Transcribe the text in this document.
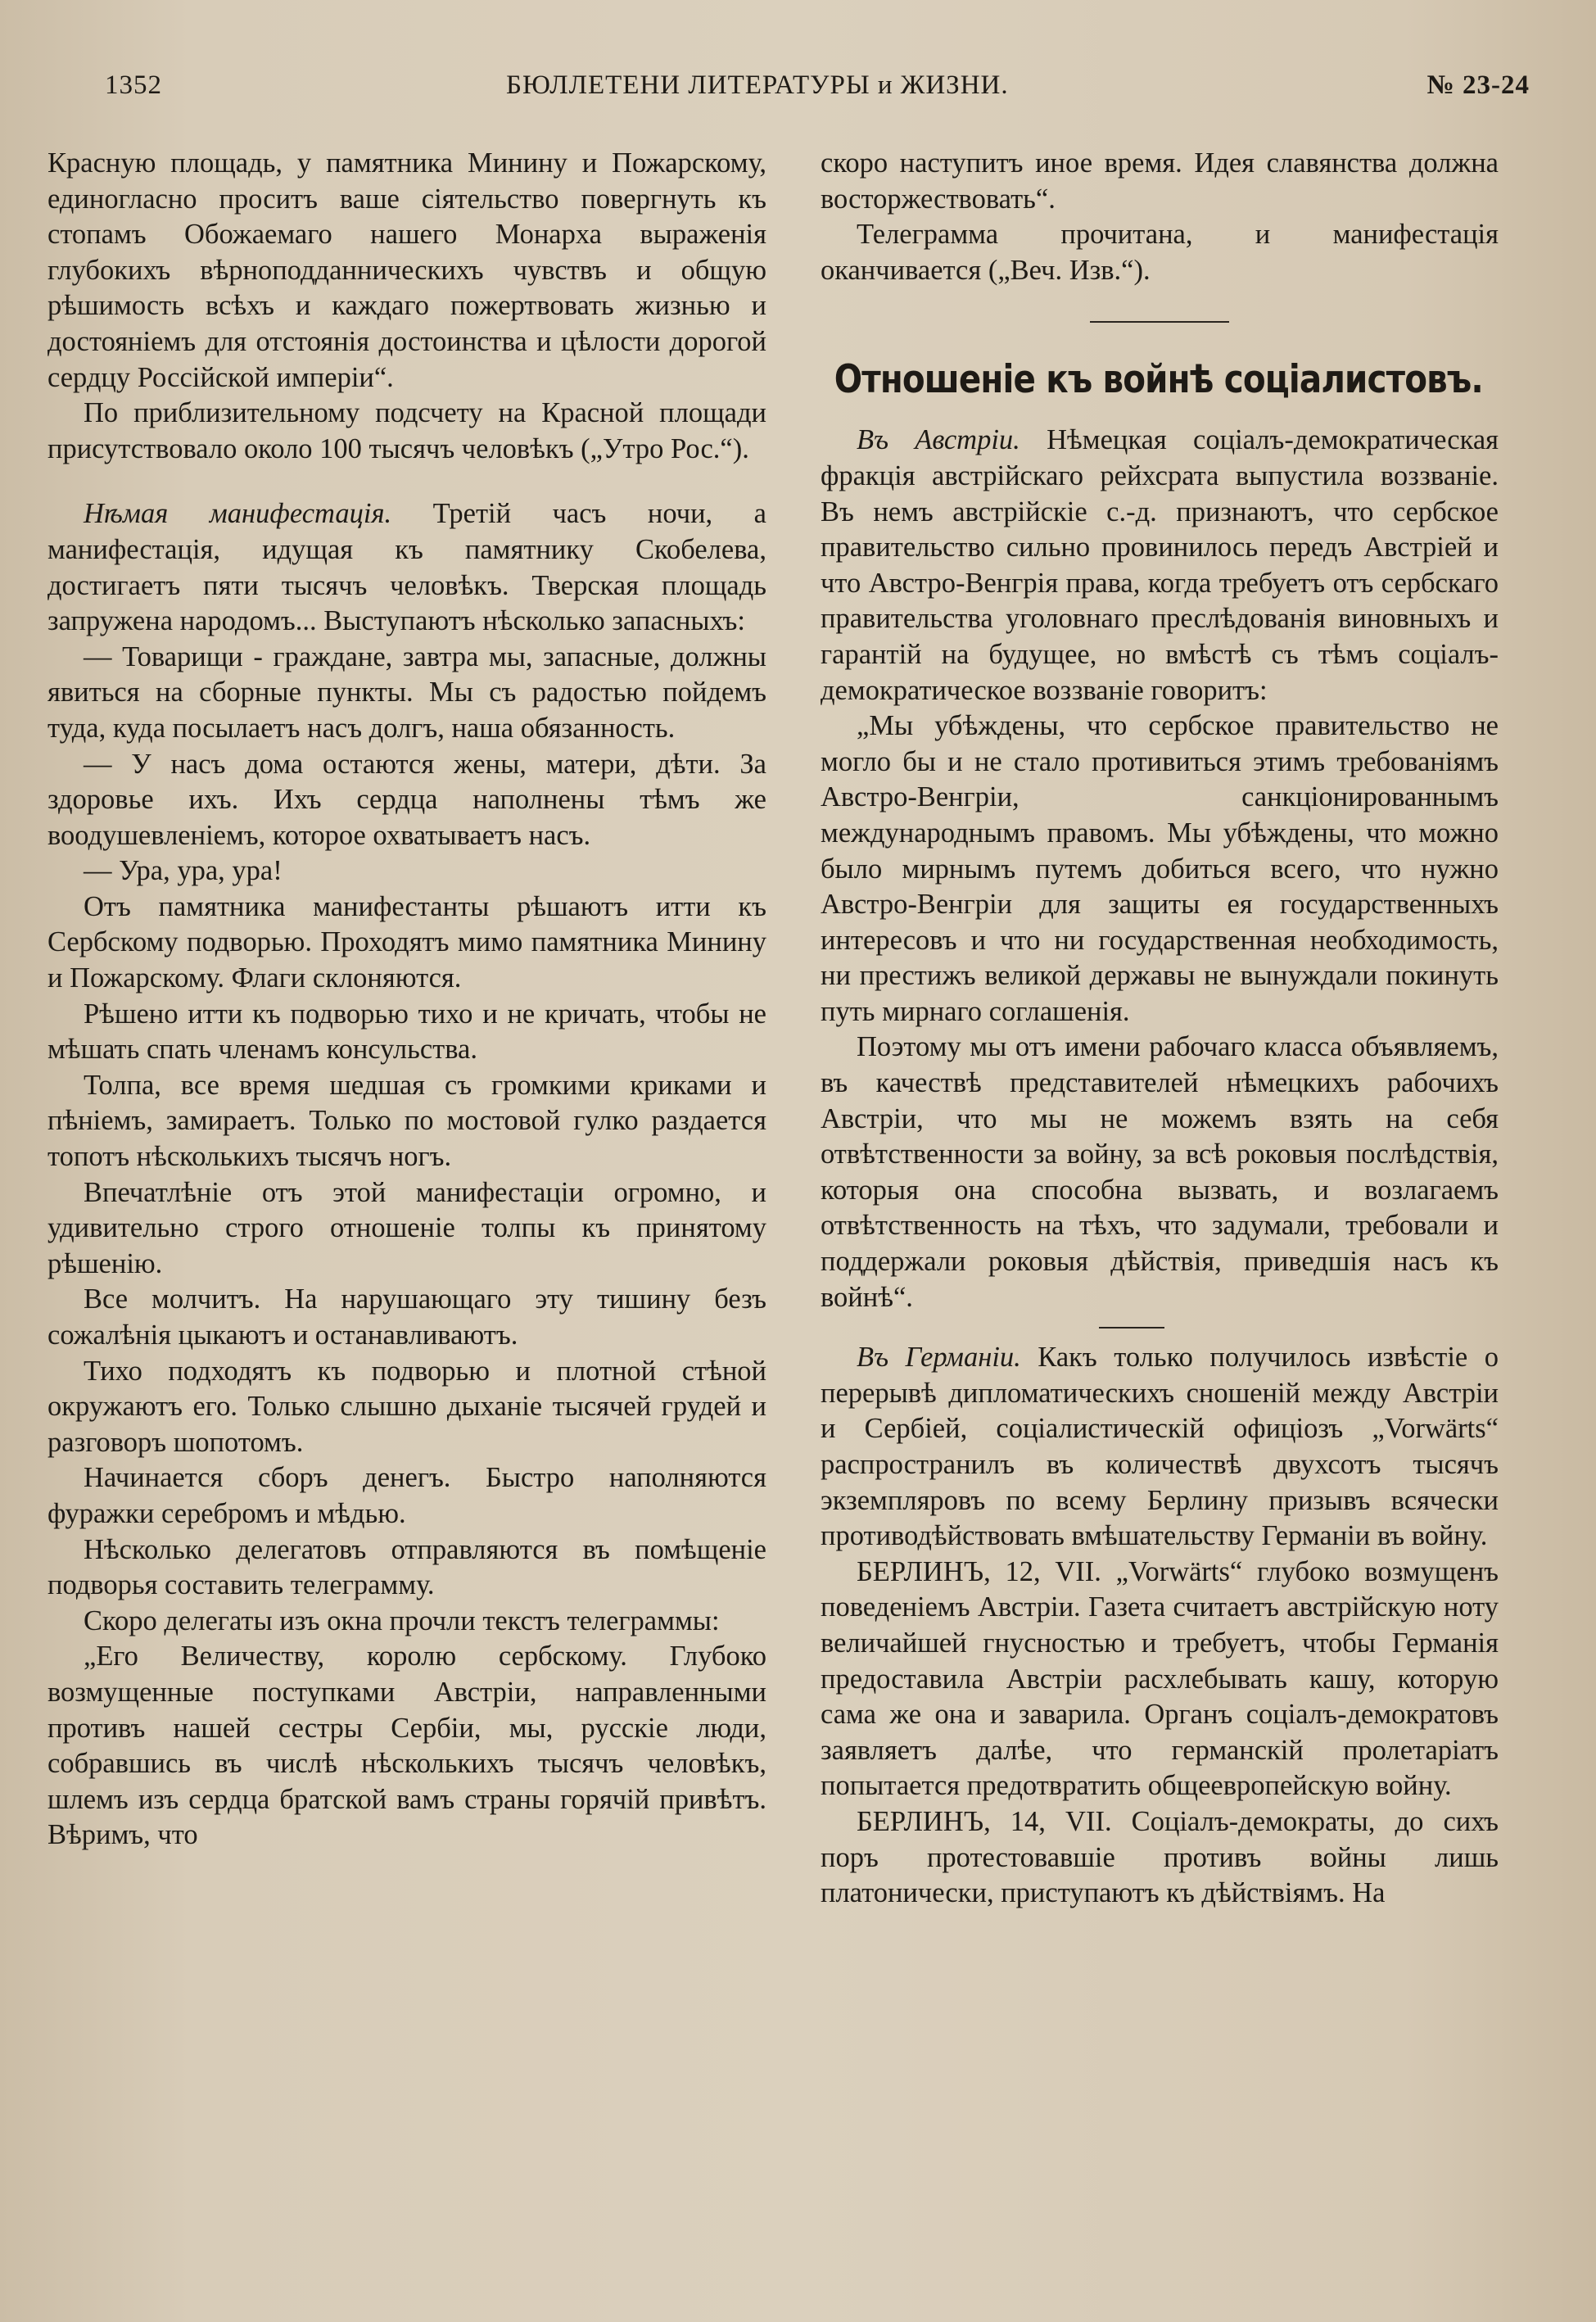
1352	БЮЛЛЕТЕНИ ЛИТЕРАТУРЫ и ЖИЗНИ.	№ 23-24

Красную площадь, у памятника Минину и Пожарскому, единогласно проситъ ваше сіятельство повергнуть къ стопамъ Обожаемаго нашего Монарха выраженія глубокихъ вѣрноподданническихъ чувствъ и общую рѣшимость всѣхъ и каждаго пожертвовать жизнью и достояніемъ для отстоянія достоинства и цѣлости дорогой сердцу Россійской имперіи“.

По приблизительному подсчету на Красной площади присутствовало около 100 тысячъ человѣкъ („Утро Рос.“).

Нѣмая манифестація. Третій часъ ночи, а манифестація, идущая къ памятнику Скобелева, достигаетъ пяти тысячъ человѣкъ. Тверская площадь запружена народомъ... Выступаютъ нѣсколько запасныхъ:

— Товарищи - граждане, завтра мы, запасные, должны явиться на сборные пункты. Мы съ радостью пойдемъ туда, куда посылаетъ насъ долгъ, наша обязанность.

— У насъ дома остаются жены, матери, дѣти. За здоровье ихъ. Ихъ сердца наполнены тѣмъ же воодушевленіемъ, которое охватываетъ насъ.

— Ура, ура, ура!

Отъ памятника манифестанты рѣшаютъ итти къ Сербскому подворью. Проходятъ мимо памятника Минину и Пожарскому. Флаги склоняются.

Рѣшено итти къ подворью тихо и не кричать, чтобы не мѣшать спать членамъ консульства.

Толпа, все время шедшая съ громкими криками и пѣніемъ, замираетъ. Только по мостовой гулко раздается топотъ нѣсколькихъ тысячъ ногъ.

Впечатлѣніе отъ этой манифестаціи огромно, и удивительно строго отношеніе толпы къ принятому рѣшенію.

Все молчитъ. На нарушающаго эту тишину безъ сожалѣнія цыкаютъ и останавливаютъ.

Тихо подходятъ къ подворью и плотной стѣной окружаютъ его. Только слышно дыханіе тысячей грудей и разговоръ шопотомъ.

Начинается сборъ денегъ. Быстро наполняются фуражки серебромъ и мѣдью.

Нѣсколько делегатовъ отправляются въ помѣщеніе подворья составить телеграмму.

Скоро делегаты изъ окна прочли текстъ телеграммы:

„Его Величеству, королю сербскому. Глубоко возмущенные поступками Австріи, направленными противъ нашей сестры Сербіи, мы, русскіе люди, собравшись въ числѣ нѣсколькихъ тысячъ человѣкъ, шлемъ изъ сердца братской вамъ страны горячій привѣтъ. Вѣримъ, что

скоро наступитъ иное время. Идея славянства должна восторжествовать“.

Телеграмма прочитана, и манифестація оканчивается („Веч. Изв.“).

Отношеніе къ войнѣ соціалистовъ.

Въ Австріи. Нѣмецкая соціалъ-демократическая фракція австрійскаго рейхсрата выпустила воззваніе. Въ немъ австрійскіе с.-д. признаютъ, что сербское правительство сильно провинилось передъ Австріей и что Австро-Венгрія права, когда требуетъ отъ сербскаго правительства уголовнаго преслѣдованія виновныхъ и гарантій на будущее, но вмѣстѣ съ тѣмъ соціалъ-демократическое воззваніе говоритъ:

„Мы убѣждены, что сербское правительство не могло бы и не стало противиться этимъ требованіямъ Австро-Венгріи, санкціонированнымъ международнымъ правомъ. Мы убѣждены, что можно было мирнымъ путемъ добиться всего, что нужно Австро-Венгріи для защиты ея государственныхъ интересовъ и что ни государственная необходимость, ни престижъ великой державы не вынуждали покинуть путь мирнаго соглашенія.

Поэтому мы отъ имени рабочаго класса объявляемъ, въ качествѣ представителей нѣмецкихъ рабочихъ Австріи, что мы не можемъ взять на себя отвѣтственности за войну, за всѣ роковыя послѣдствія, которыя она способна вызвать, и возлагаемъ отвѣтственность на тѣхъ, что задумали, требовали и поддержали роковыя дѣйствія, приведшія насъ къ войнѣ“.

Въ Германіи. Какъ только получилось извѣстіе о перерывѣ дипломатическихъ сношеній между Австріи и Сербіей, соціалистическій офиціозъ „Vorwärts“ распространилъ въ количествѣ двухсотъ тысячъ экземпляровъ по всему Берлину призывъ всячески противодѣйствовать вмѣшательству Германіи въ войну.

БЕРЛИНЪ, 12, VII. „Vorwärts“ глубоко возмущенъ поведеніемъ Австріи. Газета считаетъ австрійскую ноту величайшей гнусностью и требуетъ, чтобы Германія предоставила Австріи расхлебывать кашу, которую сама же она и заварила. Органъ соціалъ-демократовъ заявляетъ далѣе, что германскій пролетаріатъ попытается предотвратить общеевропейскую войну.

БЕРЛИНЪ, 14, VII. Соціалъ-демократы, до сихъ поръ протестовавшіе противъ войны лишь платонически, приступаютъ къ дѣйствіямъ. На
